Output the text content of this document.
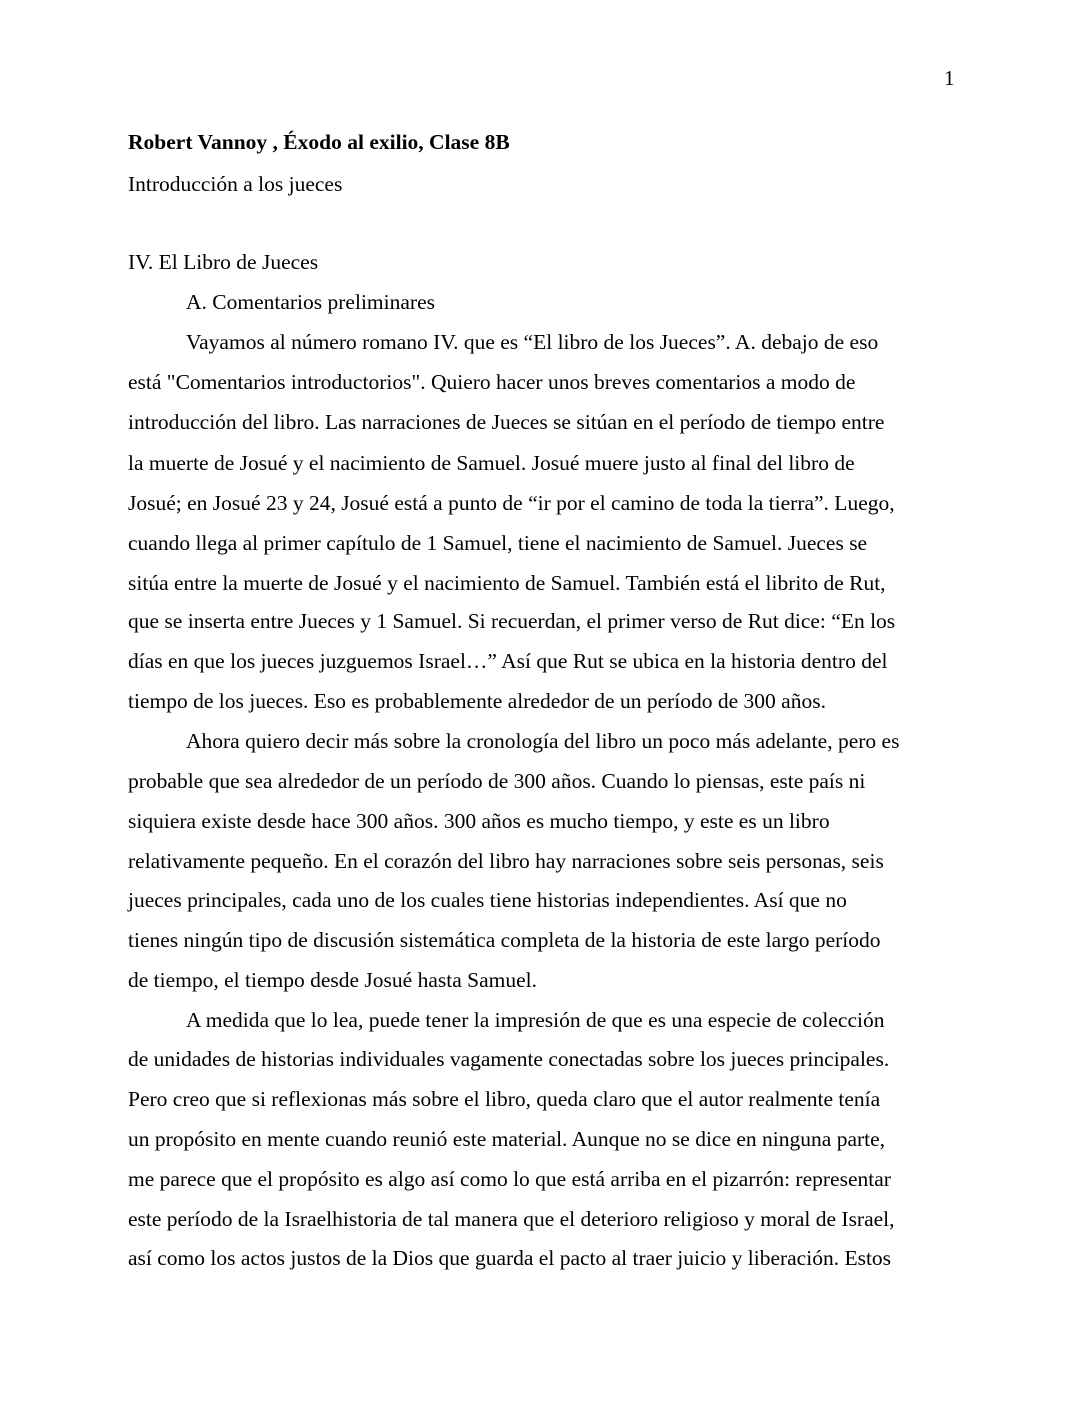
1
Robert Vannoy , Éxodo al exilio, Clase 8B
Introducción a los jueces
IV. El Libro de Jueces
A. Comentarios preliminares
Vayamos al número romano IV. que es “El libro de los Jueces”. A. debajo de eso
está "Comentarios introductorios". Quiero hacer unos breves comentarios a modo de
introducción del libro. Las narraciones de Jueces se sitúan en el período de tiempo entre
la muerte de Josué y el nacimiento de Samuel. Josué muere justo al final del libro de
Josué; en Josué 23 y 24, Josué está a punto de “ir por el camino de toda la tierra”. Luego,
cuando llega al primer capítulo de 1 Samuel, tiene el nacimiento de Samuel. Jueces se
sitúa entre la muerte de Josué y el nacimiento de Samuel. También está el librito de Rut,
que se inserta entre Jueces y 1 Samuel. Si recuerdan, el primer verso de Rut dice: “En los
días en que los jueces juzguemos Israel…” Así que Rut se ubica en la historia dentro del
tiempo de los jueces. Eso es probablemente alrededor de un período de 300 años.
Ahora quiero decir más sobre la cronología del libro un poco más adelante, pero es
probable que sea alrededor de un período de 300 años. Cuando lo piensas, este país ni
siquiera existe desde hace 300 años. 300 años es mucho tiempo, y este es un libro
relativamente pequeño. En el corazón del libro hay narraciones sobre seis personas, seis
jueces principales, cada uno de los cuales tiene historias independientes. Así que no
tienes ningún tipo de discusión sistemática completa de la historia de este largo período
de tiempo, el tiempo desde Josué hasta Samuel.
A medida que lo lea, puede tener la impresión de que es una especie de colección
de unidades de historias individuales vagamente conectadas sobre los jueces principales.
Pero creo que si reflexionas más sobre el libro, queda claro que el autor realmente tenía
un propósito en mente cuando reunió este material. Aunque no se dice en ninguna parte,
me parece que el propósito es algo así como lo que está arriba en el pizarrón: representar
este período de la Israelhistoria de tal manera que el deterioro religioso y moral de Israel,
así como los actos justos de la Dios que guarda el pacto al traer juicio y liberación. Estos
